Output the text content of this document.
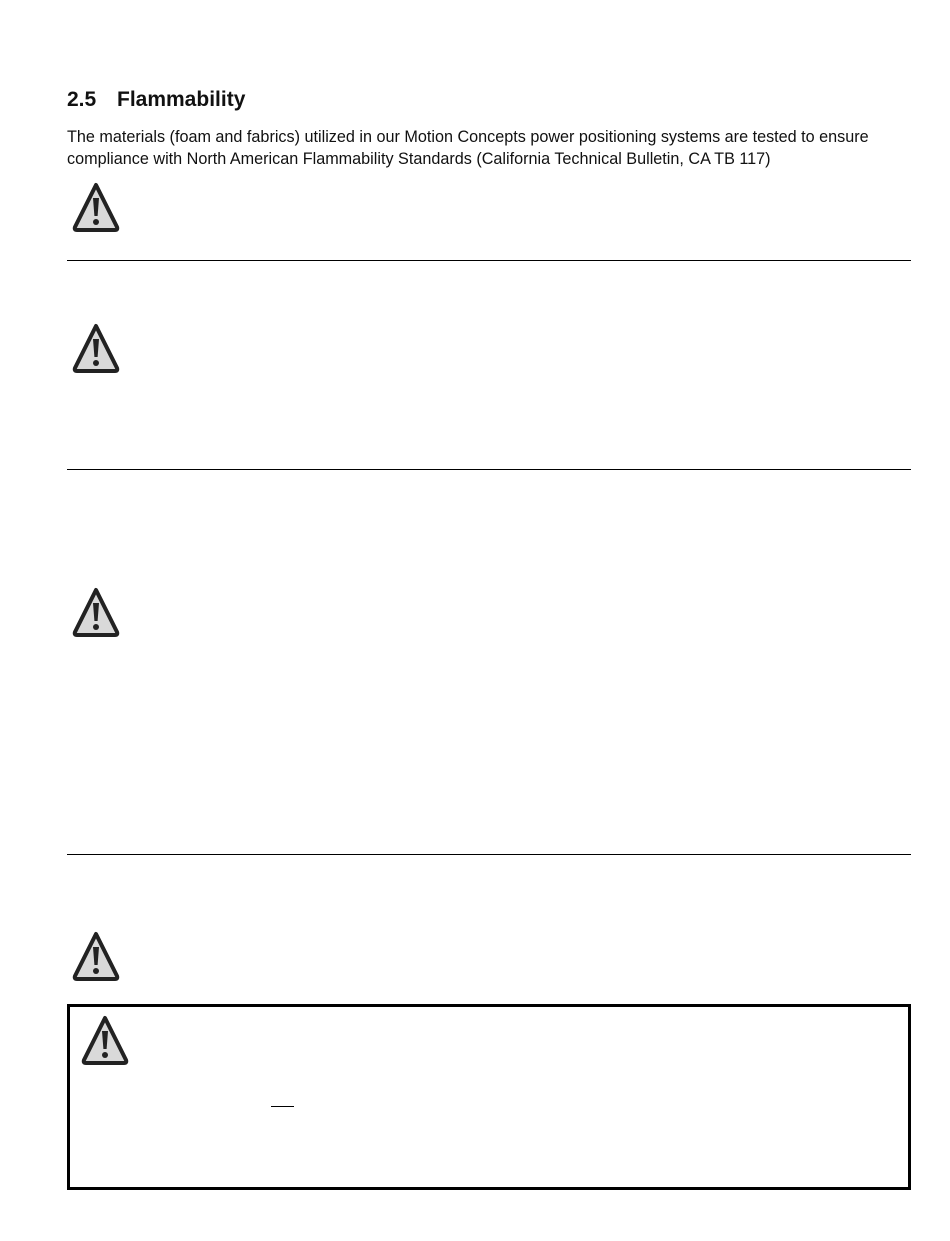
2.5 Flammability

The materials (foam and fabrics) utilized in our Motion Concepts power positioning systems are tested to ensure compliance with North American Flammability Standards (California Technical Bulletin, CA TB 117)
